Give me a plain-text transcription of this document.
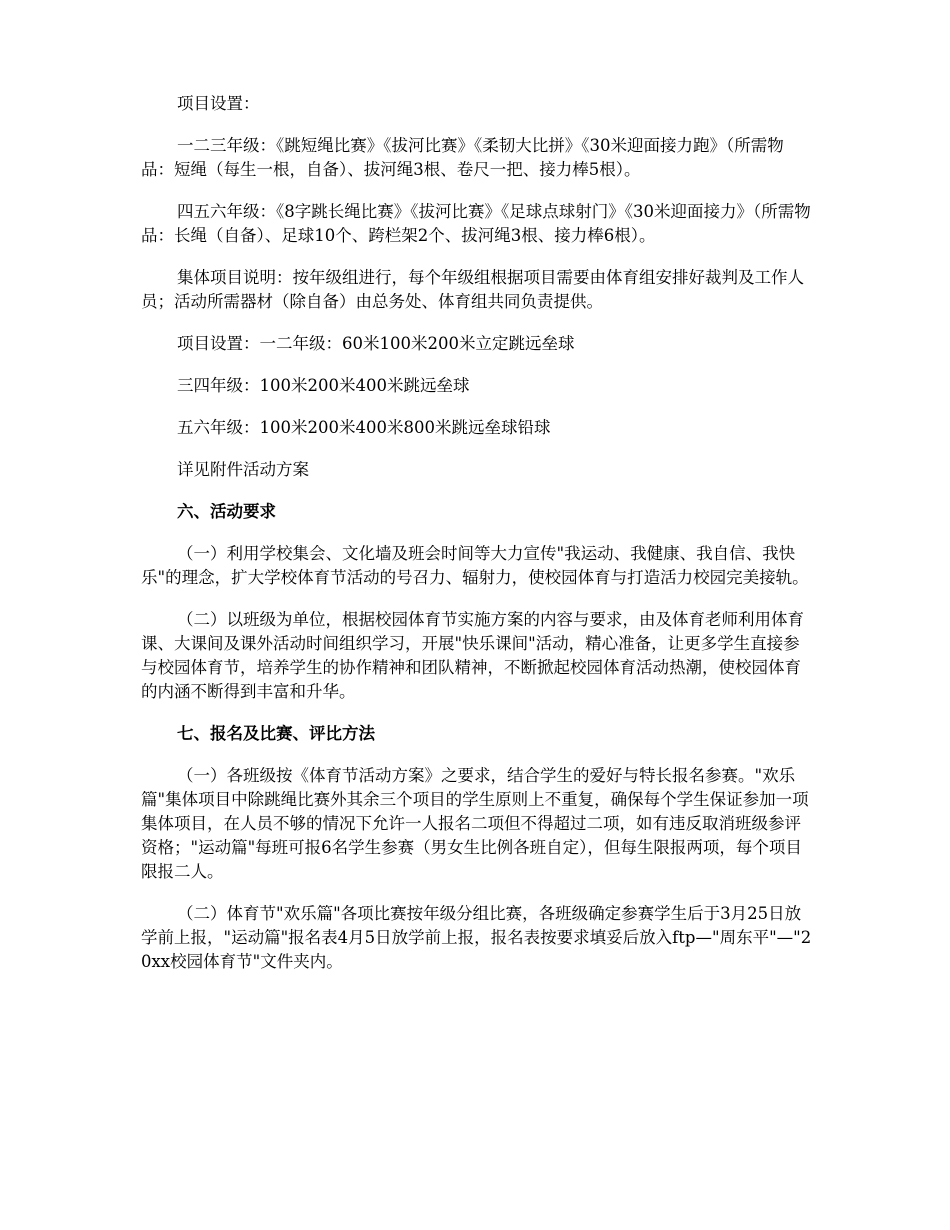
项目设置：

一二三年级：《跳短绳比赛》《拔河比赛》《柔韧大比拼》《30米迎面接力跑》（所需物品：短绳（每生一根，自备）、拔河绳3根、卷尺一把、接力棒5根）。

四五六年级：《8字跳长绳比赛》《拔河比赛》《足球点球射门》《30米迎面接力》（所需物品：长绳（自备）、足球10个、跨栏架2个、拔河绳3根、接力棒6根）。

集体项目说明：按年级组进行，每个年级组根据项目需要由体育组安排好裁判及工作人员；活动所需器材（除自备）由总务处、体育组共同负责提供。

项目设置：一二年级：60米100米200米立定跳远垒球

三四年级：100米200米400米跳远垒球

五六年级：100米200米400米800米跳远垒球铅球

详见附件活动方案

六、活动要求

（一）利用学校集会、文化墙及班会时间等大力宣传"我运动、我健康、我自信、我快乐"的理念，扩大学校体育节活动的号召力、辐射力，使校园体育与打造活力校园完美接轨。

（二）以班级为单位，根据校园体育节实施方案的内容与要求，由及体育老师利用体育课、大课间及课外活动时间组织学习，开展"快乐课间"活动，精心准备，让更多学生直接参与校园体育节，培养学生的协作精神和团队精神，不断掀起校园体育活动热潮，使校园体育的内涵不断得到丰富和升华。

七、报名及比赛、评比方法

（一）各班级按《体育节活动方案》之要求，结合学生的爱好与特长报名参赛。"欢乐篇"集体项目中除跳绳比赛外其余三个项目的学生原则上不重复，确保每个学生保证参加一项集体项目，在人员不够的情况下允许一人报名二项但不得超过二项，如有违反取消班级参评资格；"运动篇"每班可报6名学生参赛（男女生比例各班自定），但每生限报两项，每个项目限报二人。

（二）体育节"欢乐篇"各项比赛按年级分组比赛，各班级确定参赛学生后于3月25日放学前上报，"运动篇"报名表4月5日放学前上报，报名表按要求填妥后放入ftp—"周东平"—"20xx校园体育节"文件夹内。
